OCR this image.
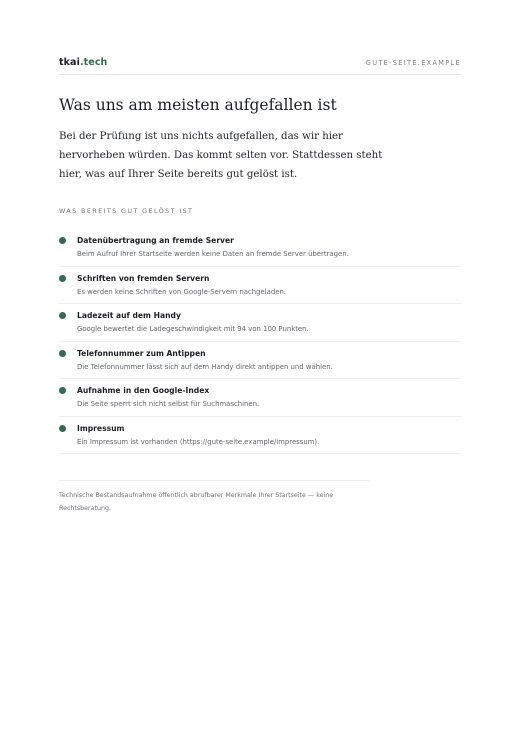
tkai.tech	GUTE-SEITE.EXAMPLE
Was uns am meisten aufgefallen ist

Bei der Prüfung ist uns nichts aufgefallen, das wir hier hervorheben würden. Das kommt selten vor. Stattdessen steht hier, was auf Ihrer Seite bereits gut gelöst ist.

WAS BEREITS GUT GELÖST IST
Datenübertragung an fremde Server
Beim Aufruf Ihrer Startseite werden keine Daten an fremde Server übertragen.
Schriften von fremden Servern
Es werden keine Schriften von Google-Servern nachgeladen.
Ladezeit auf dem Handy
Google bewertet die Ladegeschwindigkeit mit 94 von 100 Punkten.
Telefonnummer zum Antippen
Die Telefonnummer lässt sich auf dem Handy direkt antippen und wählen.
Aufnahme in den Google-Index
Die Seite sperrt sich nicht selbst für Suchmaschinen.
Impressum
Ein Impressum ist vorhanden (https://gute-seite.example/impressum).

Technische Bestandsaufnahme öffentlich abrufbarer Merkmale Ihrer Startseite — keine Rechtsberatung.
